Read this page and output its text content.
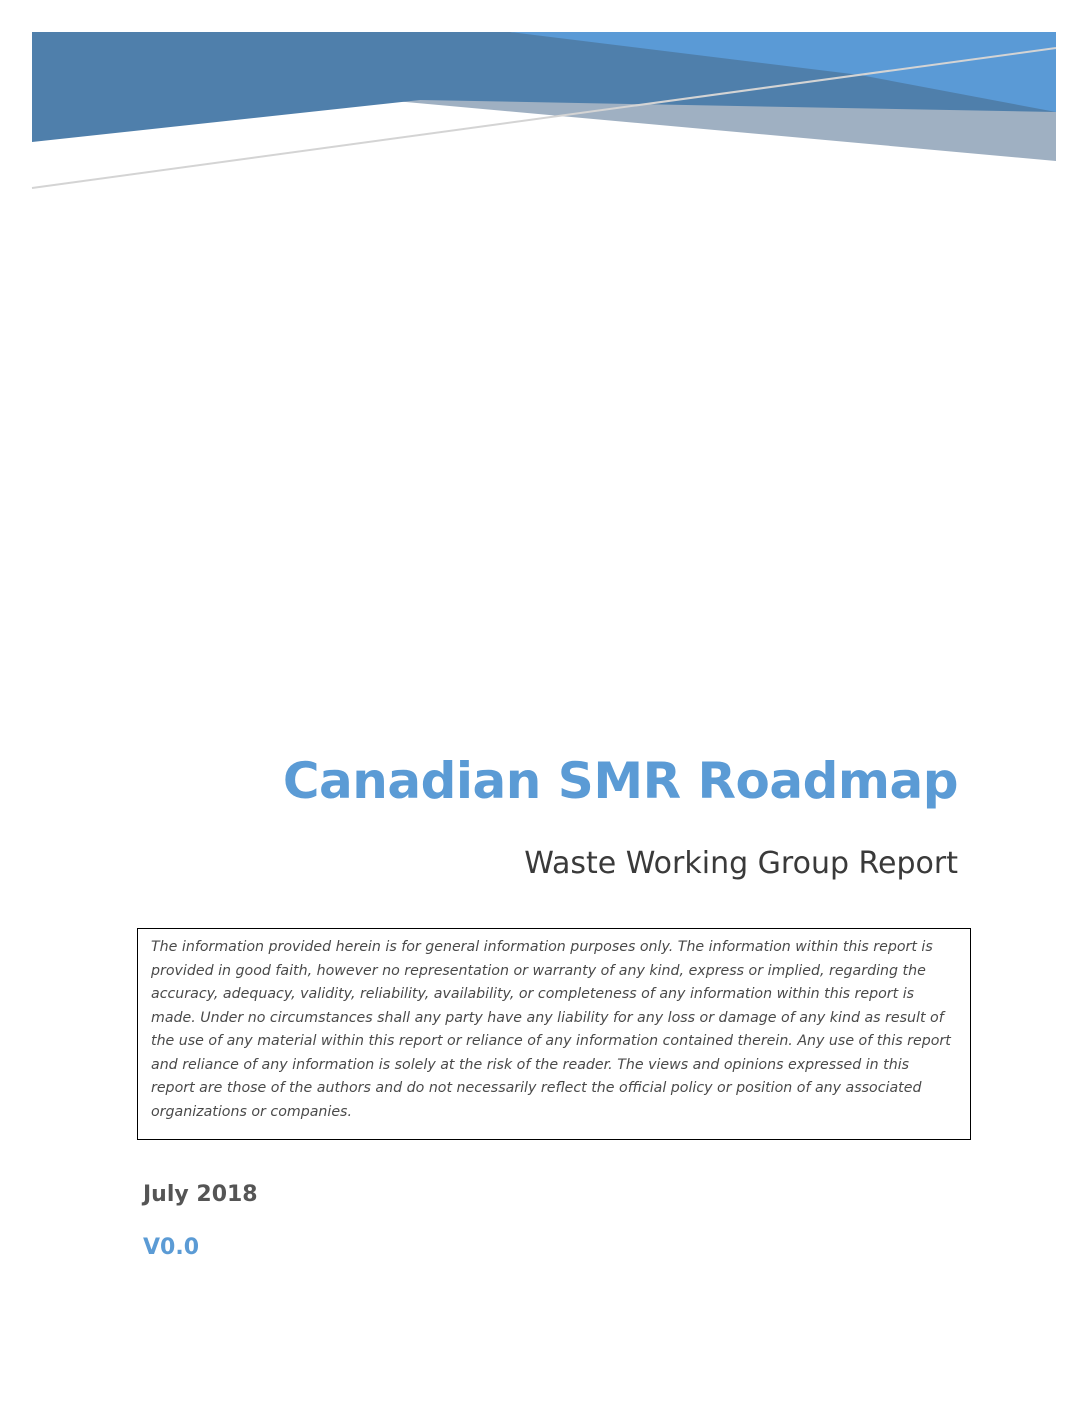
Canadian SMR Roadmap
Waste Working Group Report

The information provided herein is for general information purposes only. The information within this report is
provided in good faith, however no representation or warranty of any kind, express or implied, regarding the
accuracy, adequacy, validity, reliability, availability, or completeness of any information within this report is
made. Under no circumstances shall any party have any liability for any loss or damage of any kind as result of
the use of any material within this report or reliance of any information contained therein. Any use of this report
and reliance of any information is solely at the risk of the reader. The views and opinions expressed in this
report are those of the authors and do not necessarily reflect the official policy or position of any associated
organizations or companies.

July 2018

V0.0
